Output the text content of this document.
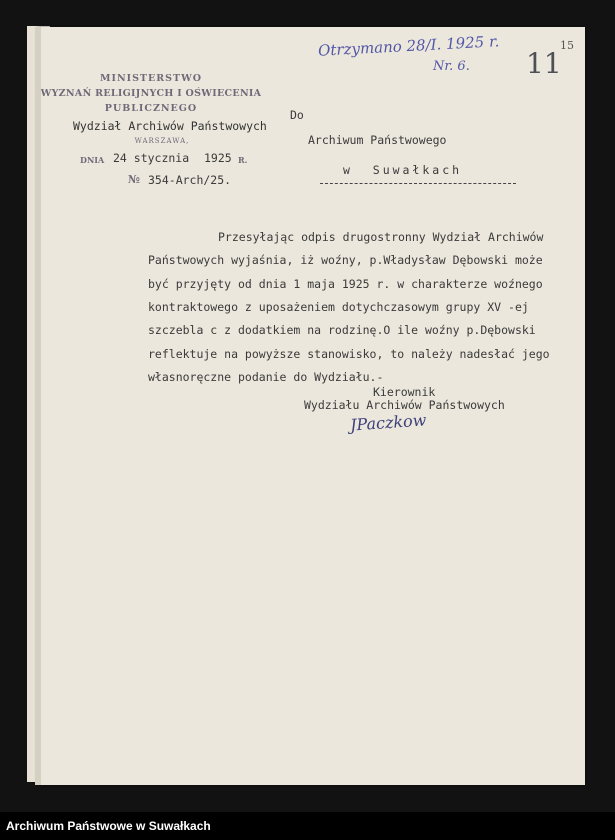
MINISTERSTWO
WYZNAŃ RELIGIJNYCH I OŚWIECENIA
PUBLICZNEGO
Wydział Archiwów Państwowych
WARSZAWA,
DNIA 24 stycznia 1925 R.
№ 354-Arch/25.
Do
Archiwum Państwowego
w  Suwałkach
Otrzymano 28/I. 1925 r.
Nr. 6. 11
15
Przesyłając odpis drugostronny Wydział Archiwów
Państwowych wyjaśnia, iż woźny, p.Władysław Dębowski może
być przyjęty od dnia 1 maja 1925 r. w charakterze woźnego
kontraktowego z uposażeniem dotychczasowym grupy XV -ej
szczebla c z dodatkiem na rodzinę.O ile woźny p.Dębowski
reflektuje na powyższe stanowisko, to należy nadesłać jego
własnoręczne podanie do Wydziału.-
Kierownik
Wydziału Archiwów Państwowych
JPaczkow
Archiwum Państwowe w Suwałkach
